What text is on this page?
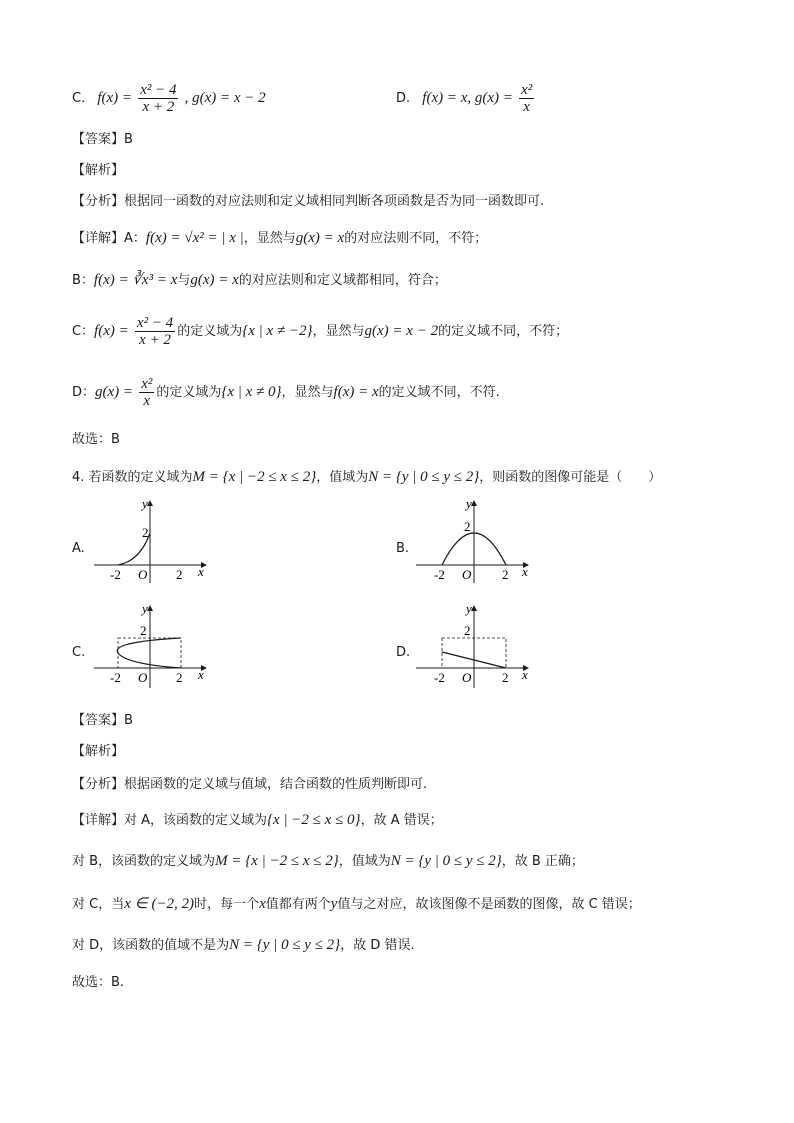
C. $f(x) = \frac{\text{x² − 4}}{x + 2}$ , g(x) = x − 2	D. f(x) = x, $g(x) = \frac{\text{x²}}{x}$
【答案】B
【解析】
【分析】根据同一函数的对应法则和定义域相同判断各项函数是否为同一函数即可.
【详解】A：f(x) = √x² = | x |，显然与g(x) = x的对应法则不同，不符；
B：f(x) = ∛x³ = x与g(x) = x的对应法则和定义域都相同，符合；
C：$f(x) = \frac{\text{x² − 4}}{x + 2}$ 的定义域为{x | x ≠ −2}，显然与g(x) = x − 2的定义域不同，不符；
D：$g(x) = \frac{\text{x²}}{x}$ 的定义域为{x | x ≠ 0}，显然与f(x) = x的定义域不同，不符.
故选：B
4. 若函数的定义域为M = {x | −2 ≤ x ≤ 2}，值域为N = {y | 0 ≤ y ≤ 2}，则函数的图像可能是（　　）
A.	B.
C.	D.
2
-2 O 2 x
y
2
-2 O 2 x
y
2
-2 O 2 x
y
2
-2 O 2 x
y
【答案】B
【解析】
【分析】根据函数的定义域与值域，结合函数的性质判断即可.
【详解】对 A，该函数的定义域为{x | −2 ≤ x ≤ 0}，故 A 错误；
对 B，该函数的定义域为M = {x | −2 ≤ x ≤ 2}，值域为N = {y | 0 ≤ y ≤ 2}，故 B 正确；
对 C，当x ∈ (−2, 2)时，每一个x值都有两个y值与之对应，故该图像不是函数的图像，故 C 错误；
对 D，该函数的值域不是为N = {y | 0 ≤ y ≤ 2}，故 D 错误.
故选：B.
